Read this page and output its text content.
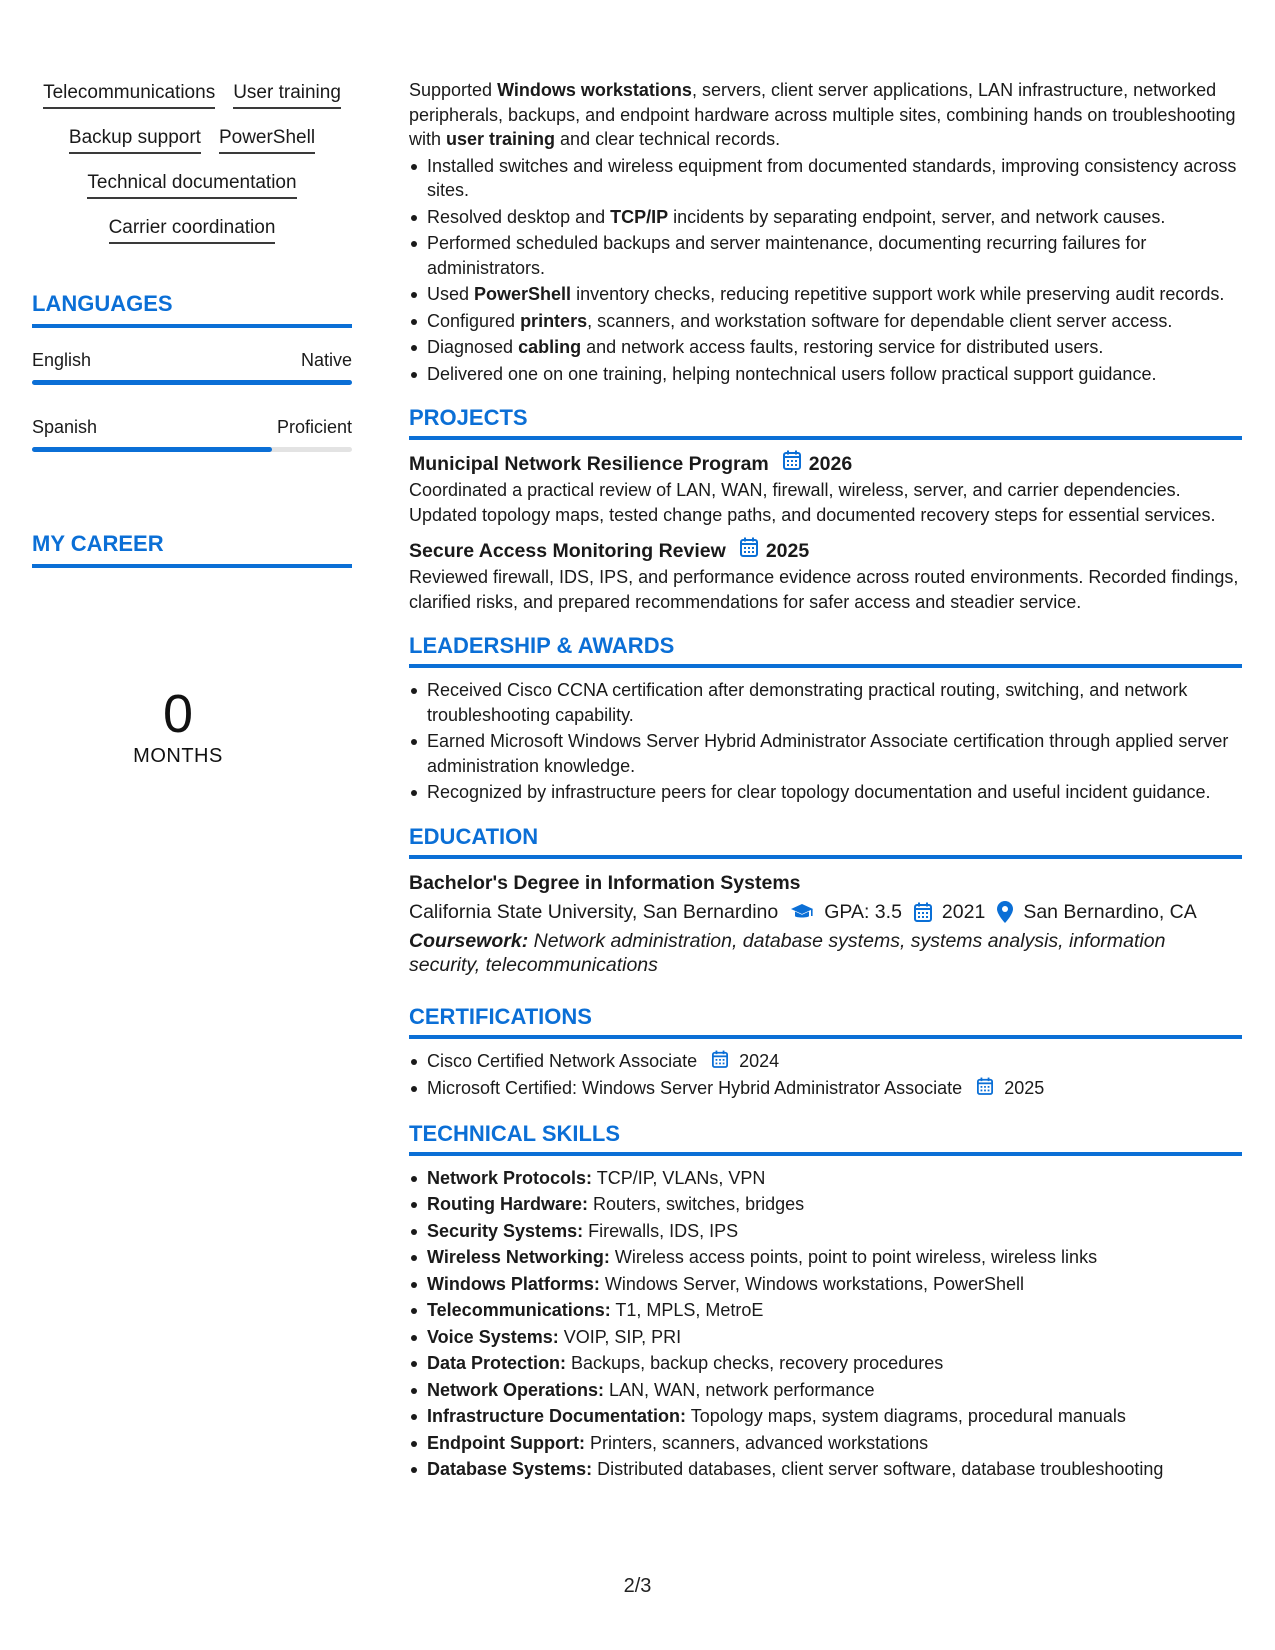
Telecommunications User training
Backup support PowerShell
Technical documentation
Carrier coordination
LANGUAGES
English	Native
Spanish	Proficient
MY CAREER
0
MONTHS

Supported Windows workstations, servers, client server applications, LAN infrastructure, networked peripherals, backups, and endpoint hardware across multiple sites, combining hands on troubleshooting with user training and clear technical records.

Installed switches and wireless equipment from documented standards, improving consistency across sites.
Resolved desktop and TCP/IP incidents by separating endpoint, server, and network causes.
Performed scheduled backups and server maintenance, documenting recurring failures for administrators.
Used PowerShell inventory checks, reducing repetitive support work while preserving audit records.
Configured printers, scanners, and workstation software for dependable client server access.
Diagnosed cabling and network access faults, restoring service for distributed users.
Delivered one on one training, helping nontechnical users follow practical support guidance.
PROJECTS
Municipal Network Resilience Program 2026

Coordinated a practical review of LAN, WAN, firewall, wireless, server, and carrier dependencies. Updated topology maps, tested change paths, and documented recovery steps for essential services.

Secure Access Monitoring Review 2025

Reviewed firewall, IDS, IPS, and performance evidence across routed environments. Recorded findings, clarified risks, and prepared recommendations for safer access and steadier service.

LEADERSHIP & AWARDS
Received Cisco CCNA certification after demonstrating practical routing, switching, and network troubleshooting capability.
Earned Microsoft Windows Server Hybrid Administrator Associate certification through applied server administration knowledge.
Recognized by infrastructure peers for clear topology documentation and useful incident guidance.
EDUCATION
Bachelor's Degree in Information Systems
California State University, San Bernardino GPA: 3.5 2021 San Bernardino, CA

Coursework: Network administration, database systems, systems analysis, information security, telecommunications

CERTIFICATIONS
Cisco Certified Network Associate 2024
Microsoft Certified: Windows Server Hybrid Administrator Associate 2025
TECHNICAL SKILLS
Network Protocols: TCP/IP, VLANs, VPN
Routing Hardware: Routers, switches, bridges
Security Systems: Firewalls, IDS, IPS
Wireless Networking: Wireless access points, point to point wireless, wireless links
Windows Platforms: Windows Server, Windows workstations, PowerShell
Telecommunications: T1, MPLS, MetroE
Voice Systems: VOIP, SIP, PRI
Data Protection: Backups, backup checks, recovery procedures
Network Operations: LAN, WAN, network performance
Infrastructure Documentation: Topology maps, system diagrams, procedural manuals
Endpoint Support: Printers, scanners, advanced workstations
Database Systems: Distributed databases, client server software, database troubleshooting
2/3
